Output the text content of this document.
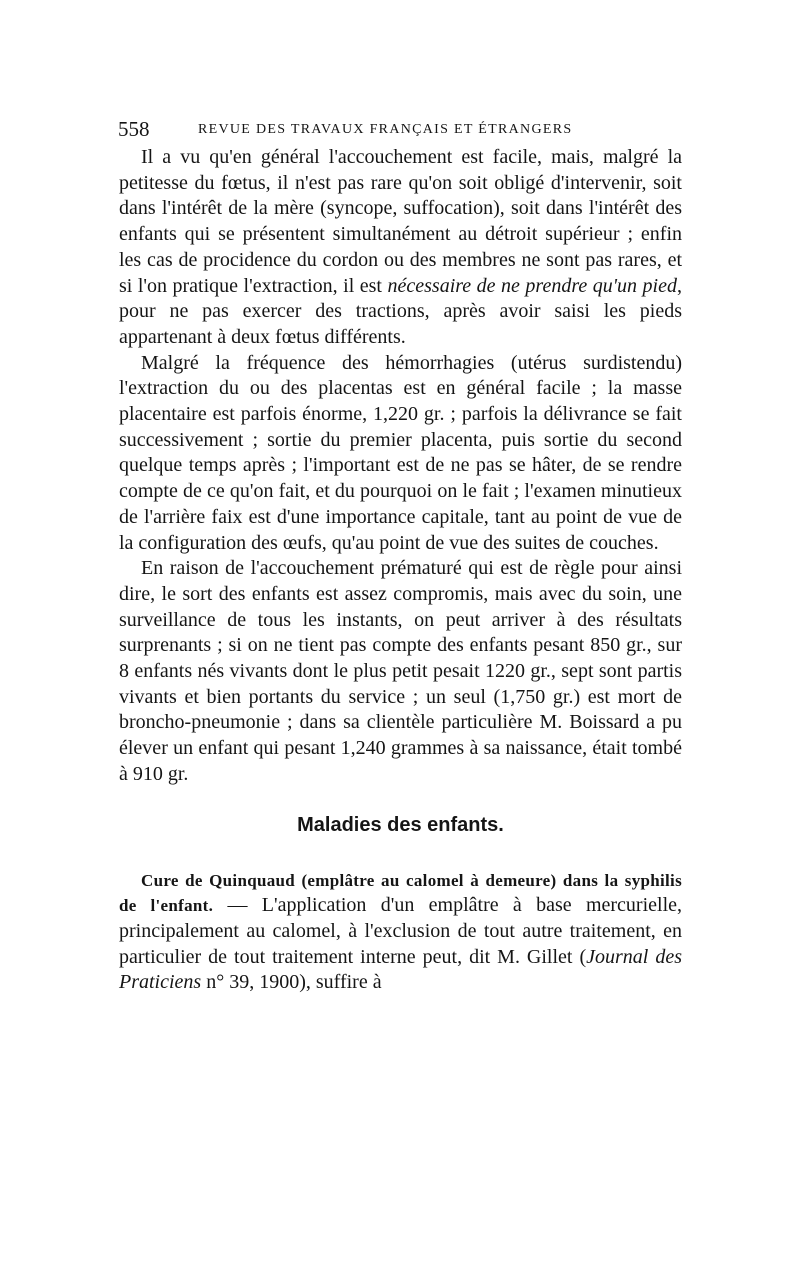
558	REVUE DES TRAVAUX FRANÇAIS ET ÉTRANGERS

Il a vu qu'en général l'accouchement est facile, mais, malgré la petitesse du fœtus, il n'est pas rare qu'on soit obligé d'intervenir, soit dans l'intérêt de la mère (syncope, suffocation), soit dans l'intérêt des enfants qui se présentent simultanément au détroit supérieur ; enfin les cas de procidence du cordon ou des membres ne sont pas rares, et si l'on pratique l'extraction, il est nécessaire de ne prendre qu'un pied, pour ne pas exercer des tractions, après avoir saisi les pieds appartenant à deux fœtus différents.

Malgré la fréquence des hémorrhagies (utérus surdistendu) l'extraction du ou des placentas est en général facile ; la masse placentaire est parfois énorme, 1,220 gr. ; parfois la délivrance se fait successivement ; sortie du premier placenta, puis sortie du second quelque temps après ; l'important est de ne pas se hâter, de se rendre compte de ce qu'on fait, et du pourquoi on le fait ; l'examen minutieux de l'arrière faix est d'une importance capitale, tant au point de vue de la configuration des œufs, qu'au point de vue des suites de couches.

En raison de l'accouchement prématuré qui est de règle pour ainsi dire, le sort des enfants est assez compromis, mais avec du soin, une surveillance de tous les instants, on peut arriver à des résultats surprenants ; si on ne tient pas compte des enfants pesant 850 gr., sur 8 enfants nés vivants dont le plus petit pesait 1220 gr., sept sont partis vivants et bien portants du service ; un seul (1,750 gr.) est mort de broncho-pneumonie ; dans sa clientèle particulière M. Boissard a pu élever un enfant qui pesant 1,240 grammes à sa naissance, était tombé à 910 gr.

Maladies des enfants.

Cure de Quinquaud (emplâtre au calomel à demeure) dans la syphilis de l'enfant. — L'application d'un emplâtre à base mercurielle, principalement au calomel, à l'exclusion de tout autre traitement, en particulier de tout traitement interne peut, dit M. Gillet (Journal des Praticiens n° 39, 1900), suffire à
